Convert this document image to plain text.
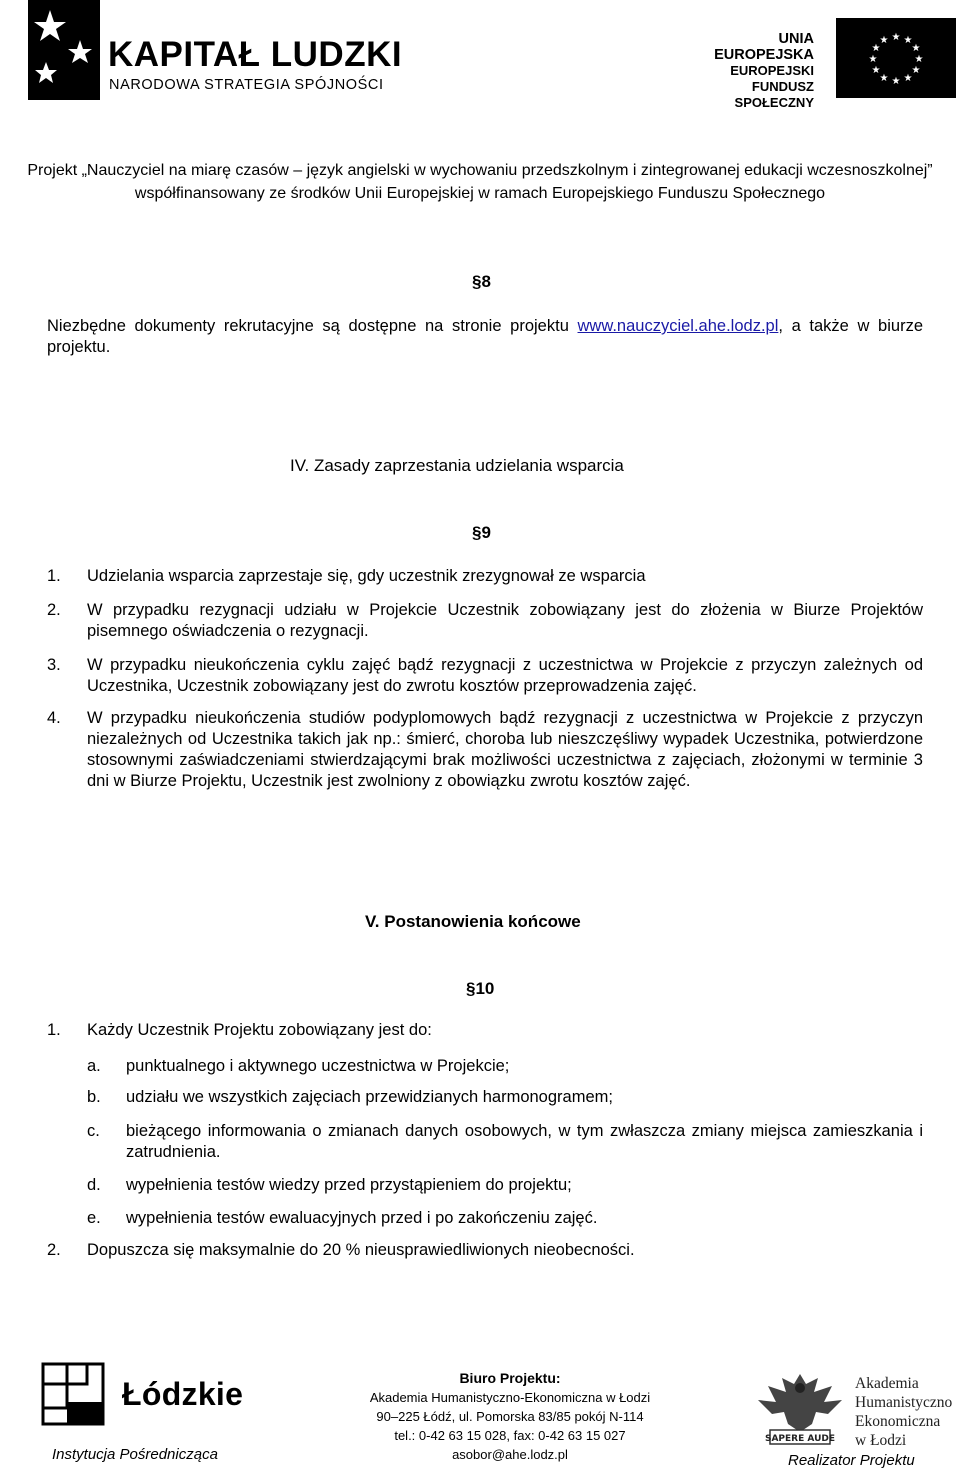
KAPITAŁ LUDZKI
NARODOWA STRATEGIA SPÓJNOŚCI
UNIA EUROPEJSKA
EUROPEJSKI
FUNDUSZ SPOŁECZNY
★ ★
★
★
★
★
★
★
★
★
★
★
Projekt „Nauczyciel na miarę czasów – język angielski w wychowaniu przedszkolnym i zintegrowanej edukacji wczesnoszkolnej”
współfinansowany ze środków Unii Europejskiej w ramach Europejskiego Funduszu Społecznego
§8
Niezbędne dokumenty rekrutacyjne są dostępne na stronie projektu www.nauczyciel.ahe.lodz.pl, a także w biurze projektu.
IV. Zasady zaprzestania udzielania wsparcia
§9
1. Udzielania wsparcia zaprzestaje się, gdy uczestnik zrezygnował ze wsparcia
2. W przypadku rezygnacji udziału w Projekcie Uczestnik zobowiązany jest do złożenia w Biurze Projektów pisemnego oświadczenia o rezygnacji.
3. W przypadku nieukończenia cyklu zajęć bądź rezygnacji z uczestnictwa w Projekcie z przyczyn zależnych od Uczestnika, Uczestnik zobowiązany jest do zwrotu kosztów przeprowadzenia zajęć.
4. W przypadku nieukończenia studiów podyplomowych bądź rezygnacji z uczestnictwa w Projekcie z przyczyn niezależnych od Uczestnika takich jak np.: śmierć, choroba lub nieszczęśliwy wypadek Uczestnika, potwierdzone stosownymi zaświadczeniami stwierdzającymi brak możliwości uczestnictwa z zajęciach, złożonymi w terminie 3 dni w Biurze Projektu, Uczestnik jest zwolniony z obowiązku zwrotu kosztów zajęć.
V. Postanowienia końcowe
§10
1. Każdy Uczestnik Projektu zobowiązany jest do:
a. punktualnego i aktywnego uczestnictwa w Projekcie;
b. udziału we wszystkich zajęciach przewidzianych harmonogramem;
c. bieżącego informowania o zmianach danych osobowych, w tym zwłaszcza zmiany miejsca zamieszkania i zatrudnienia.
d. wypełnienia testów wiedzy przed przystąpieniem do projektu;
e. wypełnienia testów ewaluacyjnych przed i po zakończeniu zajęć.
2. Dopuszcza się maksymalnie do 20 % nieusprawiedliwionych nieobecności.
Łódzkie
Instytucja Pośrednicząca
Biuro Projektu:
Akademia Humanistyczno-Ekonomiczna w Łodzi
90–225 Łódź, ul. Pomorska 83/85 pokój N-114
tel.: 0-42 63 15 028, fax: 0-42 63 15 027
asobor@ahe.lodz.pl
SAPERE AUDE
Akademia
Humanistyczno
Ekonomiczna
w Łodzi
Realizator Projektu
